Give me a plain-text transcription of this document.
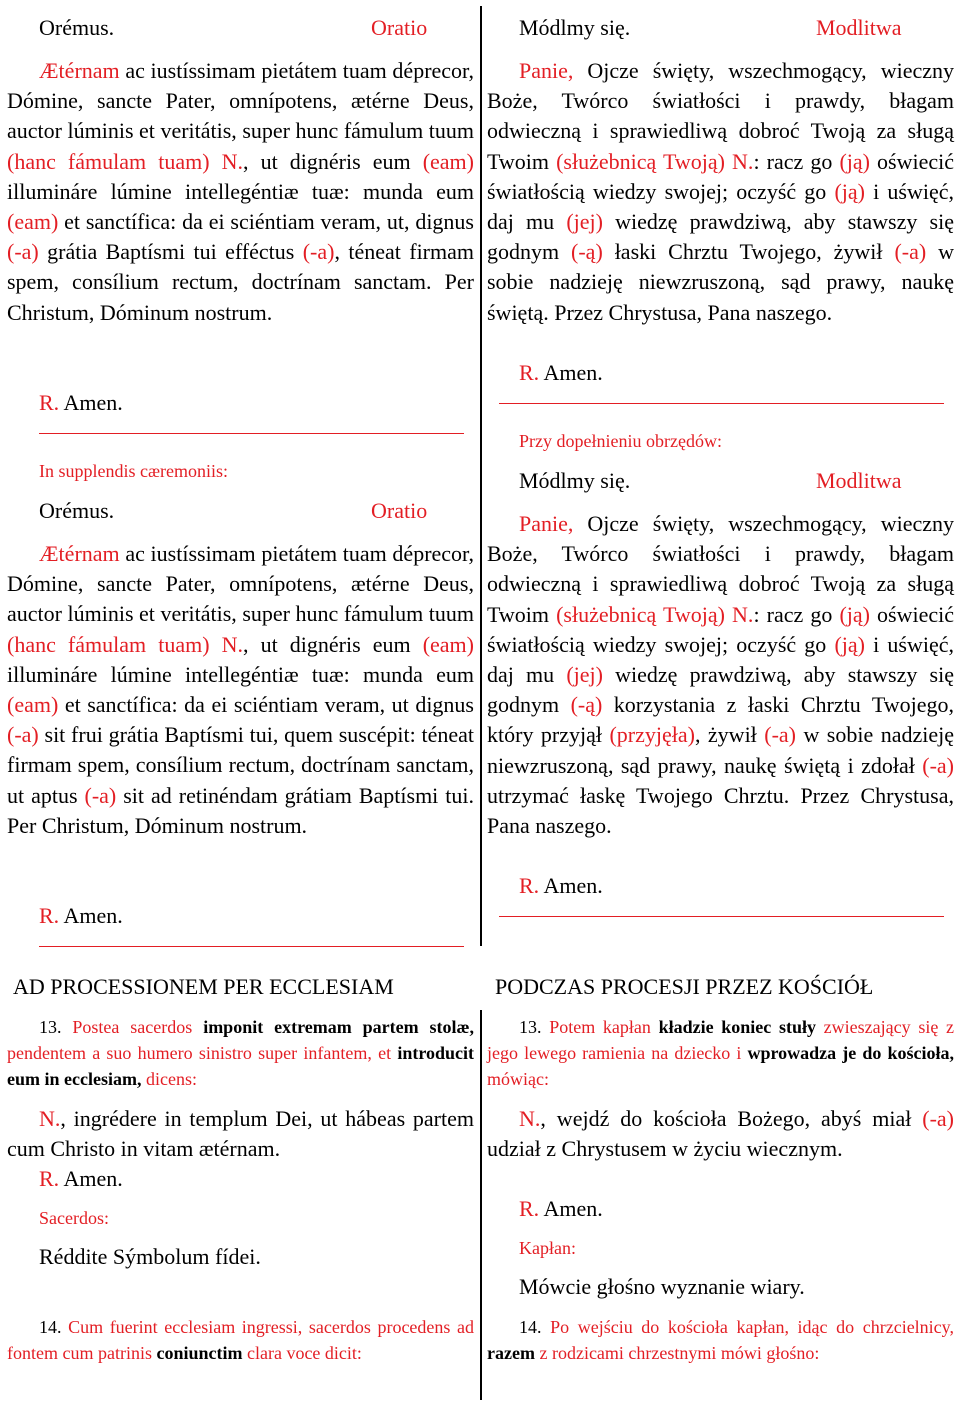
Orémus.	Oratio
Ætérnam ac iustíssimam pietátem tuam déprecor, Dómine, sancte Pater, omnípotens, ætérne Deus, auctor lúminis et veritátis, super hunc fámulum tuum (hanc fámulam tuam) N., ut dignéris eum (eam) illumináre lúmine intellegéntiæ tuæ: munda eum (eam) et sanctífica: da ei sciéntiam veram, ut, dignus (-a) grátia Baptísmi tui efféctus (-a), téneat firmam spem, consílium rectum, doctrínam sanctam. Per Christum, Dóminum nostrum.
R. Amen.
In supplendis cæremoniis:
Orémus.	Oratio
Ætérnam ac iustíssimam pietátem tuam déprecor, Dómine, sancte Pater, omnípotens, ætérne Deus, auctor lúminis et veritátis, super hunc fámulum tuum (hanc fámulam tuam) N., ut dignéris eum (eam) illumináre lúmine intellegéntiæ tuæ: munda eum (eam) et sanctífica: da ei sciéntiam veram, ut dignus (-a) sit frui grátia Baptísmi tui, quem suscépit: téneat firmam spem, consílium rectum, doctrínam sanctam, ut aptus (-a) sit ad retinéndam grátiam Baptísmi tui. Per Christum, Dóminum nostrum.
R. Amen.
AD PROCESSIONEM PER ECCLESIAM
13. Postea sacerdos imponit extremam partem stolæ, pendentem a suo humero sinistro super infantem, et introducit eum in ecclesiam, dicens:
N., ingrédere in templum Dei, ut hábeas partem cum Christo in vitam ætérnam.
R. Amen.
Sacerdos:
Réddite Sýmbolum fídei.
14. Cum fuerint ecclesiam ingressi, sacerdos procedens ad fontem cum patrinis coniunctim clara voce dicit:
Módlmy się.	Modlitwa
Panie, Ojcze święty, wszechmogący, wieczny Boże, Twórco światłości i prawdy, błagam odwieczną i sprawiedliwą dobroć Twoją za sługą Twoim (służebnicą Twoją) N.: racz go (ją) oświecić światłością wiedzy swojej; oczyść go (ją) i uświęć, daj mu (jej) wiedzę prawdziwą, aby stawszy się godnym (-ą) łaski Chrztu Twojego, żywił (-a) w sobie nadzieję niewzruszoną, sąd prawy, naukę świętą. Przez Chrystusa, Pana naszego.
R. Amen.
Przy dopełnieniu obrzędów:
Módlmy się.	Modlitwa
Panie, Ojcze święty, wszechmogący, wieczny Boże, Twórco światłości i prawdy, błagam odwieczną i sprawiedliwą dobroć Twoją za sługą Twoim (służebnicą Twoją) N.: racz go (ją) oświecić światłością wiedzy swojej; oczyść go (ją) i uświęć, daj mu (jej) wiedzę prawdziwą, aby stawszy się godnym (-ą) korzystania z łaski Chrztu Twojego, który przyjął (przyjęła), żywił (-a) w sobie nadzieję niewzruszoną, sąd prawy, naukę świętą i zdołał (-a) utrzymać łaskę Twojego Chrztu. Przez Chrystusa, Pana naszego.
R. Amen.
PODCZAS PROCESJI PRZEZ KOŚCIÓŁ
13. Potem kapłan kładzie koniec stuły zwieszający się z jego lewego ramienia na dziecko i wprowadza je do kościoła, mówiąc:
N., wejdź do kościoła Bożego, abyś miał (-a) udział z Chrystusem w życiu wiecznym.
R. Amen.
Kapłan:
Mówcie głośno wyznanie wiary.
14. Po wejściu do kościoła kapłan, idąc do chrzcielnicy, razem z rodzicami chrzestnymi mówi głośno:
